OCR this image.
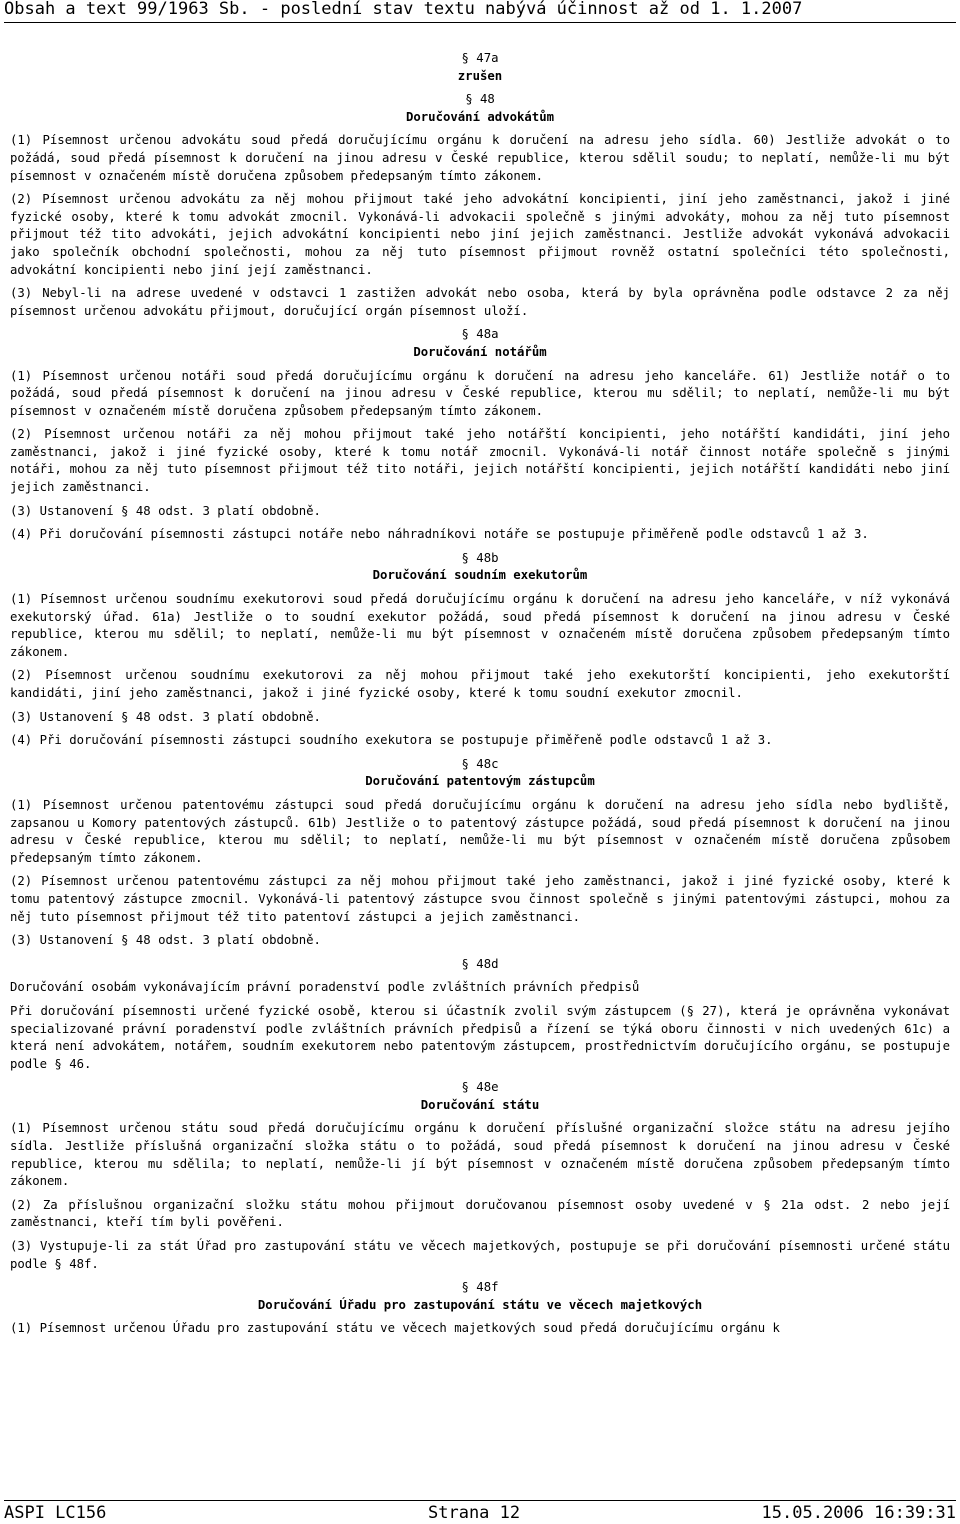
Obsah a text 99/1963 Sb. - poslední stav textu nabývá účinnost až od 1. 1.2007
§ 47a
zrušen
§ 48
Doručování advokátům

(1) Písemnost určenou advokátu soud předá doručujícímu orgánu k doručení na adresu jeho sídla. 60) Jestliže advokát o to požádá, soud předá písemnost k doručení na jinou adresu v České republice, kterou sdělil soudu; to neplatí, nemůže-li mu být písemnost v označeném místě doručena způsobem předepsaným tímto zákonem.

(2) Písemnost určenou advokátu za něj mohou přijmout také jeho advokátní koncipienti, jiní jeho zaměstnanci, jakož i jiné fyzické osoby, které k tomu advokát zmocnil. Vykonává-li advokacii společně s jinými advokáty, mohou za něj tuto písemnost přijmout též tito advokáti, jejich advokátní koncipienti nebo jiní jejich zaměstnanci. Jestliže advokát vykonává advokacii jako společník obchodní společnosti, mohou za něj tuto písemnost přijmout rovněž ostatní společníci této společnosti, advokátní koncipienti nebo jiní její zaměstnanci.

(3) Nebyl-li na adrese uvedené v odstavci 1 zastižen advokát nebo osoba, která by byla oprávněna podle odstavce 2 za něj písemnost určenou advokátu přijmout, doručující orgán písemnost uloží.

§ 48a
Doručování notářům

(1) Písemnost určenou notáři soud předá doručujícímu orgánu k doručení na adresu jeho kanceláře. 61) Jestliže notář o to požádá, soud předá písemnost k doručení na jinou adresu v České republice, kterou mu sdělil; to neplatí, nemůže-li mu být písemnost v označeném místě doručena způsobem předepsaným tímto zákonem.

(2) Písemnost určenou notáři za něj mohou přijmout také jeho notářští koncipienti, jeho notářští kandidáti, jiní jeho zaměstnanci, jakož i jiné fyzické osoby, které k tomu notář zmocnil. Vykonává-li notář činnost notáře společně s jinými notáři, mohou za něj tuto písemnost přijmout též tito notáři, jejich notářští koncipienti, jejich notářští kandidáti nebo jiní jejich zaměstnanci.

(3) Ustanovení § 48 odst. 3 platí obdobně.

(4) Při doručování písemnosti zástupci notáře nebo náhradníkovi notáře se postupuje přiměřeně podle odstavců 1 až 3.

§ 48b
Doručování soudním exekutorům

(1) Písemnost určenou soudnímu exekutorovi soud předá doručujícímu orgánu k doručení na adresu jeho kanceláře, v níž vykonává exekutorský úřad. 61a) Jestliže o to soudní exekutor požádá, soud předá písemnost k doručení na jinou adresu v České republice, kterou mu sdělil; to neplatí, nemůže-li mu být písemnost v označeném místě doručena způsobem předepsaným tímto zákonem.

(2) Písemnost určenou soudnímu exekutorovi za něj mohou přijmout také jeho exekutorští koncipienti, jeho exekutorští kandidáti, jiní jeho zaměstnanci, jakož i jiné fyzické osoby, které k tomu soudní exekutor zmocnil.

(3) Ustanovení § 48 odst. 3 platí obdobně.

(4) Při doručování písemnosti zástupci soudního exekutora se postupuje přiměřeně podle odstavců 1 až 3.

§ 48c
Doručování patentovým zástupcům

(1) Písemnost určenou patentovému zástupci soud předá doručujícímu orgánu k doručení na adresu jeho sídla nebo bydliště, zapsanou u Komory patentových zástupců. 61b) Jestliže o to patentový zástupce požádá, soud předá písemnost k doručení na jinou adresu v České republice, kterou mu sdělil; to neplatí, nemůže-li mu být písemnost v označeném místě doručena způsobem předepsaným tímto zákonem.

(2) Písemnost určenou patentovému zástupci za něj mohou přijmout také jeho zaměstnanci, jakož i jiné fyzické osoby, které k tomu patentový zástupce zmocnil. Vykonává-li patentový zástupce svou činnost společně s jinými patentovými zástupci, mohou za něj tuto písemnost přijmout též tito patentoví zástupci a jejich zaměstnanci.

(3) Ustanovení § 48 odst. 3 platí obdobně.

§ 48d

Doručování osobám vykonávajícím právní poradenství podle zvláštních právních předpisů

Při doručování písemnosti určené fyzické osobě, kterou si účastník zvolil svým zástupcem (§ 27), která je oprávněna vykonávat specializované právní poradenství podle zvláštních právních předpisů a řízení se týká oboru činnosti v nich uvedených 61c) a která není advokátem, notářem, soudním exekutorem nebo patentovým zástupcem, prostřednictvím doručujícího orgánu, se postupuje podle § 46.

§ 48e
Doručování státu

(1) Písemnost určenou státu soud předá doručujícímu orgánu k doručení příslušné organizační složce státu na adresu jejího sídla. Jestliže příslušná organizační složka státu o to požádá, soud předá písemnost k doručení na jinou adresu v České republice, kterou mu sdělila; to neplatí, nemůže-li jí být písemnost v označeném místě doručena způsobem předepsaným tímto zákonem.

(2) Za příslušnou organizační složku státu mohou přijmout doručovanou písemnost osoby uvedené v § 21a odst. 2 nebo její zaměstnanci, kteří tím byli pověřeni.

(3) Vystupuje-li za stát Úřad pro zastupování státu ve věcech majetkových, postupuje se při doručování písemnosti určené státu podle § 48f.

§ 48f
Doručování Úřadu pro zastupování státu ve věcech majetkových

(1) Písemnost určenou Úřadu pro zastupování státu ve věcech majetkových soud předá doručujícímu orgánu k

ASPI LC156	Strana 12	15.05.2006 16:39:31
